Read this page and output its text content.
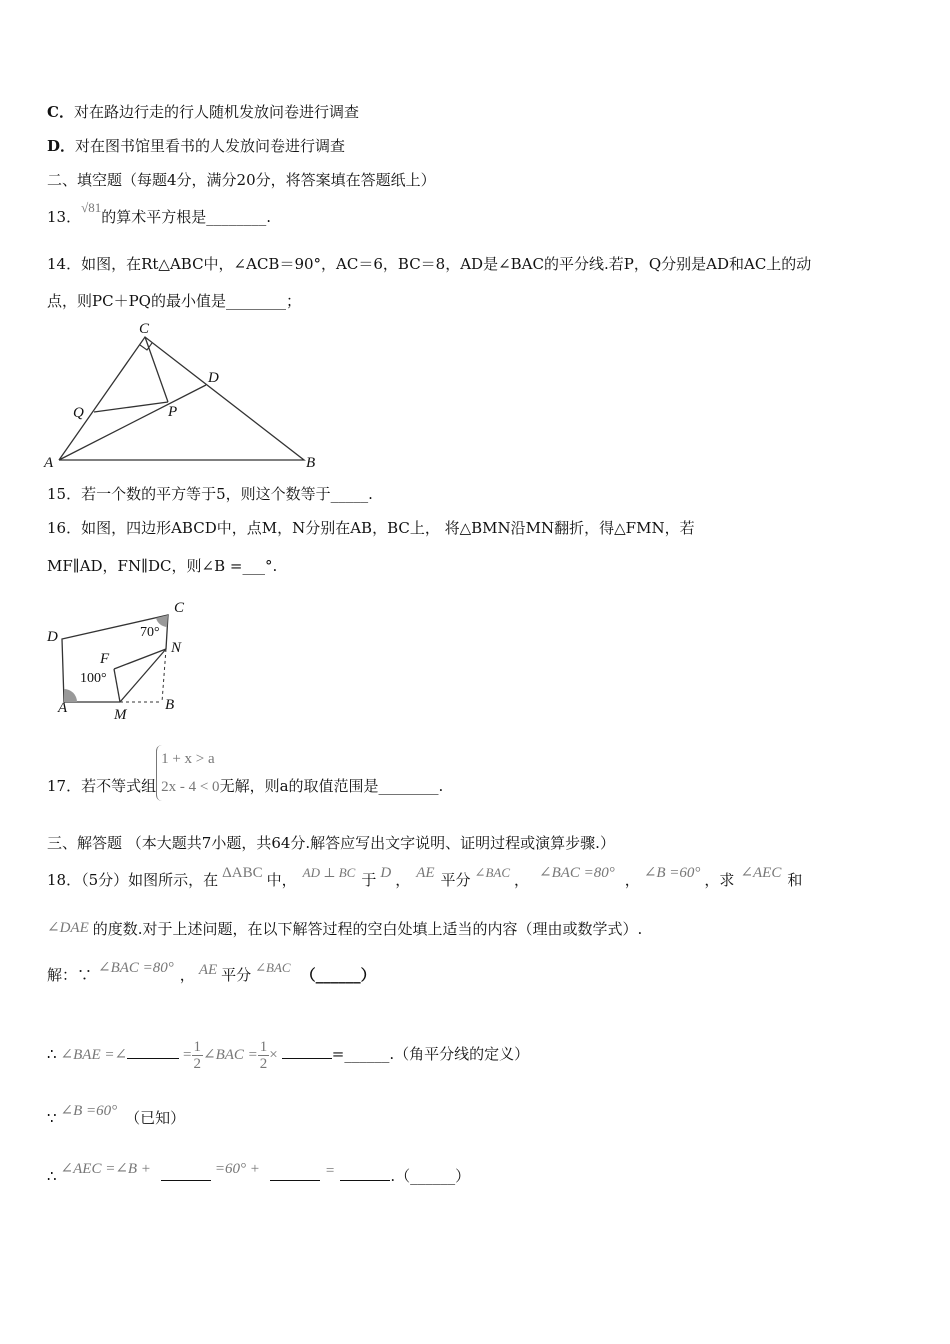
C．对在路边行走的行人随机发放问卷进行调查
D．对在图书馆里看书的人发放问卷进行调查
二、填空题（每题4分，满分20分，将答案填在答题纸上）
13．√81的算术平方根是________.
14．如图，在Rt△ABC中，∠ACB＝90°，AC＝6，BC＝8，AD是∠BAC的平分线.若P，Q分别是AD和AC上的动
点，则PC＋PQ的最小值是________；
C
D
Q	P
A	B
15．若一个数的平方等于5，则这个数等于_____.
16．如图，四边形ABCD中，点M，N分别在AB，BC上， 将△BMN沿MN翻折，得△FMN，若
MF∥AD，FN∥DC，则∠B =___°.
C
D
F
N
A	M
B
70°
100°
17．若不等式组
1 + x > a
2x - 4 < 0 无解，则a的取值范围是________.
三、解答题 （本大题共7小题，共64分.解答应写出文字说明、证明过程或演算步骤.）
18．（5分）如图所示，在 ΔABC 中， AD ⊥ BC 于 D ， AE 平分 ∠BAC ， ∠BAC =80° ， ∠B =60° ，求 ∠AEC 和
∠DAE 的度数.对于上述问题，在以下解答过程的空白处填上适当的内容（理由或数学式）.
解：∵ ∠BAC =80° ， AE 平分 ∠BAC （______）
∴ ∠BAE =∠	= $\frac{1}{2}$ ∠BAC = $\frac{1}{2}$ ×	=______.（角平分线的定义）
∵ ∠B =60° （已知）
∴ ∠AEC =∠B +	=60° +	=	.（______）
